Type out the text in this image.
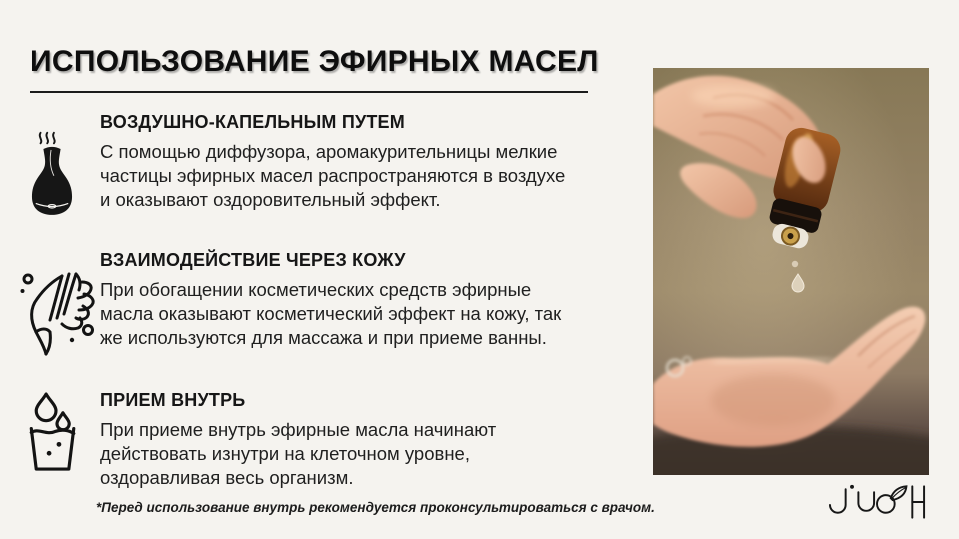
ИСПОЛЬЗОВАНИЕ ЭФИРНЫХ МАСЕЛ
ВОЗДУШНО-КАПЕЛЬНЫМ ПУТЕМ
С помощью диффузора, аромакурительницы мелкие
частицы эфирных масел распространяются в воздухе
и оказывают оздоровительный эффект.
ВЗАИМОДЕЙСТВИЕ ЧЕРЕЗ КОЖУ
При обогащении косметических средств эфирные
масла оказывают косметический эффект на кожу, так
же используются для массажа и при приеме ванны.
ПРИЕМ ВНУТРЬ
При приеме внутрь эфирные масла начинают
действовать изнутри на клеточном уровне,
оздоравливая весь организм.
*Перед использование внутрь рекомендуется проконсультироваться с врачом.
